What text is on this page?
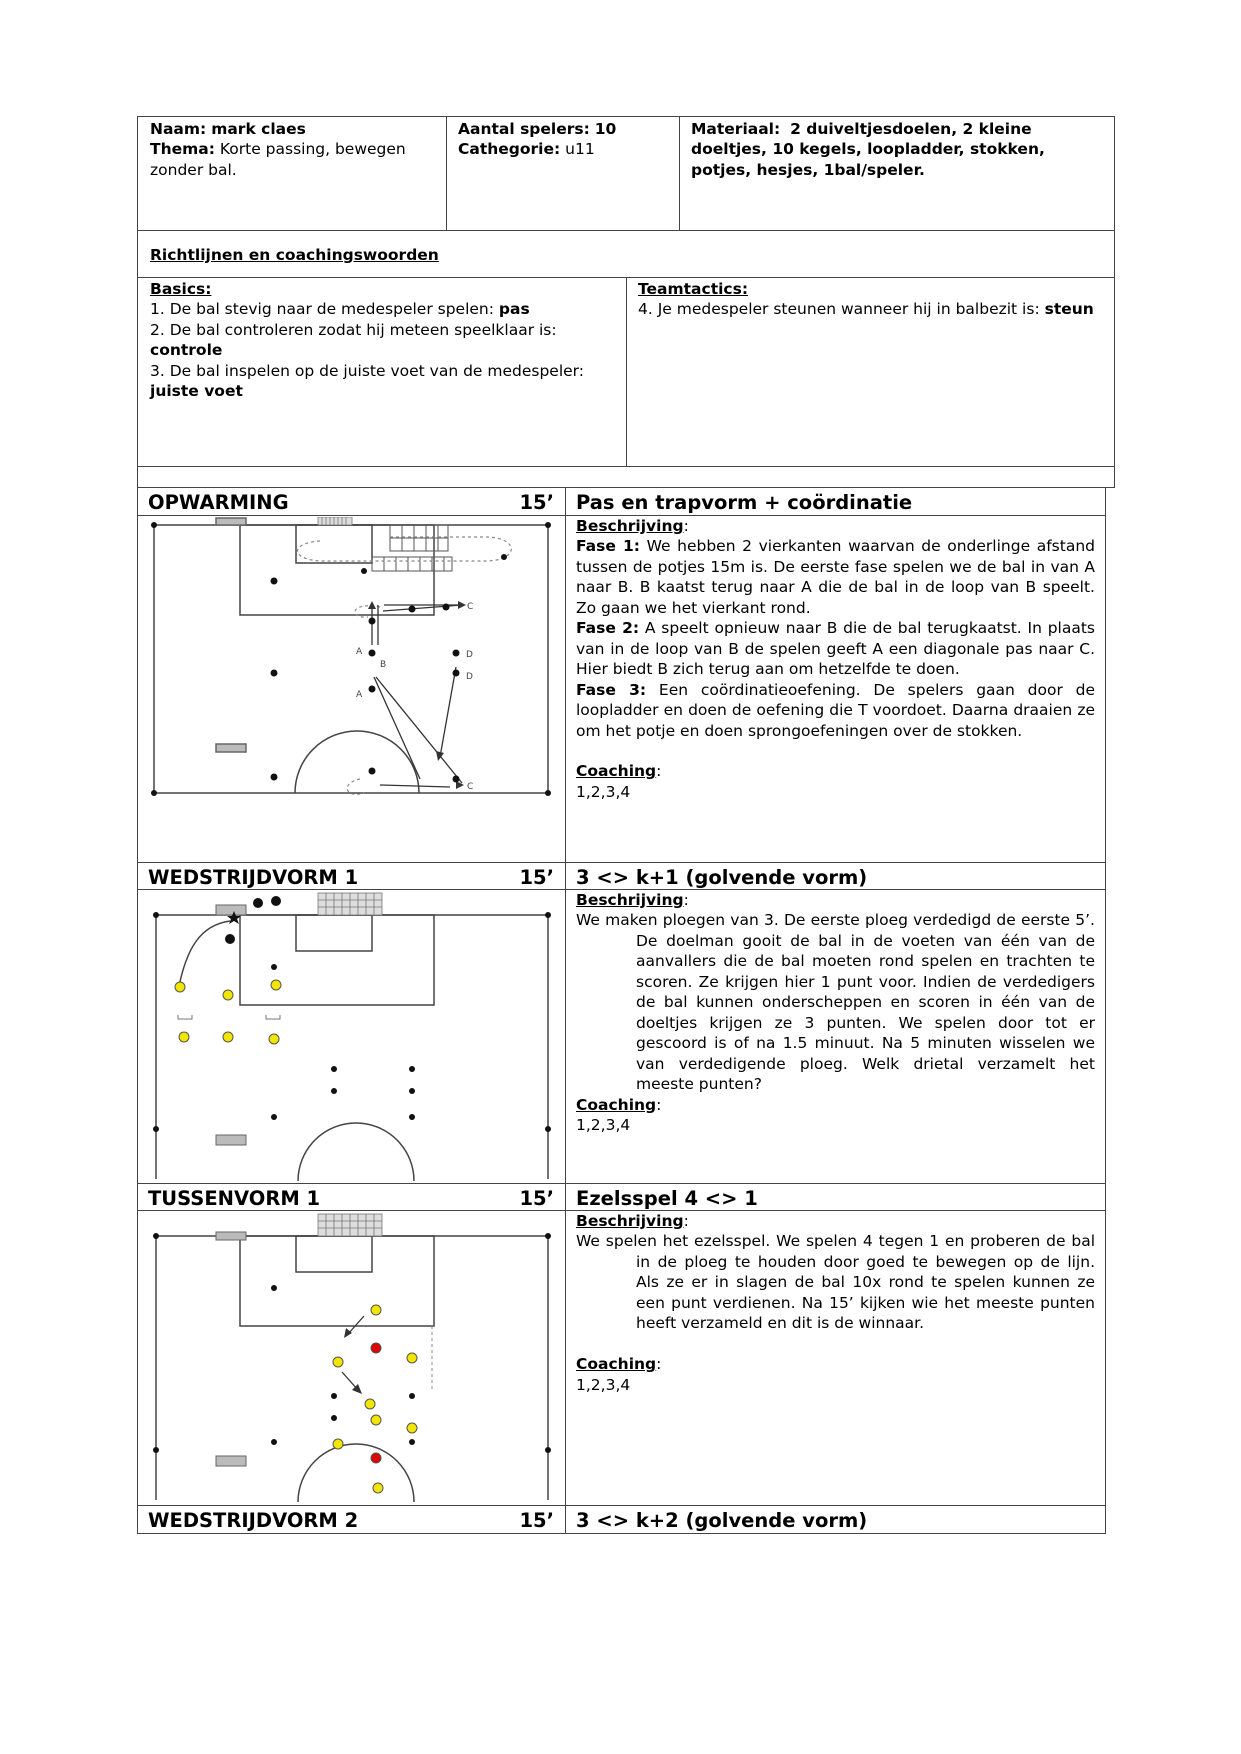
Naam: mark claes
Thema: Korte passing, bewegen zonder bal.
Aantal spelers: 10
Cathegorie: u11
Materiaal: 2 duiveltjesdoelen, 2 kleine doeltjes, 10 kegels, loopladder, stokken, potjes, hesjes, 1bal/speler.
Richtlijnen en coachingswoorden
Basics:
1. De bal stevig naar de medespeler spelen: pas
2. De bal controleren zodat hij meteen speelklaar is: controle
3. De bal inspelen op de juiste voet van de medespeler: juiste voet
Teamtactics:
4. Je medespeler steunen wanneer hij in balbezit is: steun
OPWARMING	15’	Pas en trapvorm + coördinatie
A
A
B
C
C
D
D

Beschrijving:

Fase 1: We hebben 2 vierkanten waarvan de onderlinge afstand tussen de potjes 15m is. De eerste fase spelen we de bal in van A naar B. B kaatst terug naar A die de bal in de loop van B speelt. Zo gaan we het vierkant rond.

Fase 2: A speelt opnieuw naar B die de bal terugkaatst. In plaats van in de loop van B de spelen geeft A een diagonale pas naar C. Hier biedt B zich terug aan om hetzelfde te doen.

Fase 3: Een coördinatieoefening. De spelers gaan door de loopladder en doen de oefening die T voordoet. Daarna draaien ze om het potje en doen sprongoefeningen over de stokken.

Coaching:

1,2,3,4

WEDSTRIJDVORM 1	15’	3 <> k+1 (golvende vorm)

Beschrijving:

We maken ploegen van 3. De eerste ploeg verdedigd de eerste 5’. De doelman gooit de bal in de voeten van één van de aanvallers die de bal moeten rond spelen en trachten te scoren. Ze krijgen hier 1 punt voor. Indien de verdedigers de bal kunnen onderscheppen en scoren in één van de doeltjes krijgen ze 3 punten. We spelen door tot er gescoord is of na 1.5 minuut. Na 5 minuten wisselen we van verdedigende ploeg. Welk drietal verzamelt het meeste punten?

Coaching:

1,2,3,4

TUSSENVORM 1	15’	Ezelsspel 4 <> 1

Beschrijving:

We spelen het ezelsspel. We spelen 4 tegen 1 en proberen de bal in de ploeg te houden door goed te bewegen op de lijn. Als ze er in slagen de bal 10x rond te spelen kunnen ze een punt verdienen. Na 15’ kijken wie het meeste punten heeft verzameld en dit is de winnaar.

Coaching:

1,2,3,4

WEDSTRIJDVORM 2	15’	3 <> k+2 (golvende vorm)
